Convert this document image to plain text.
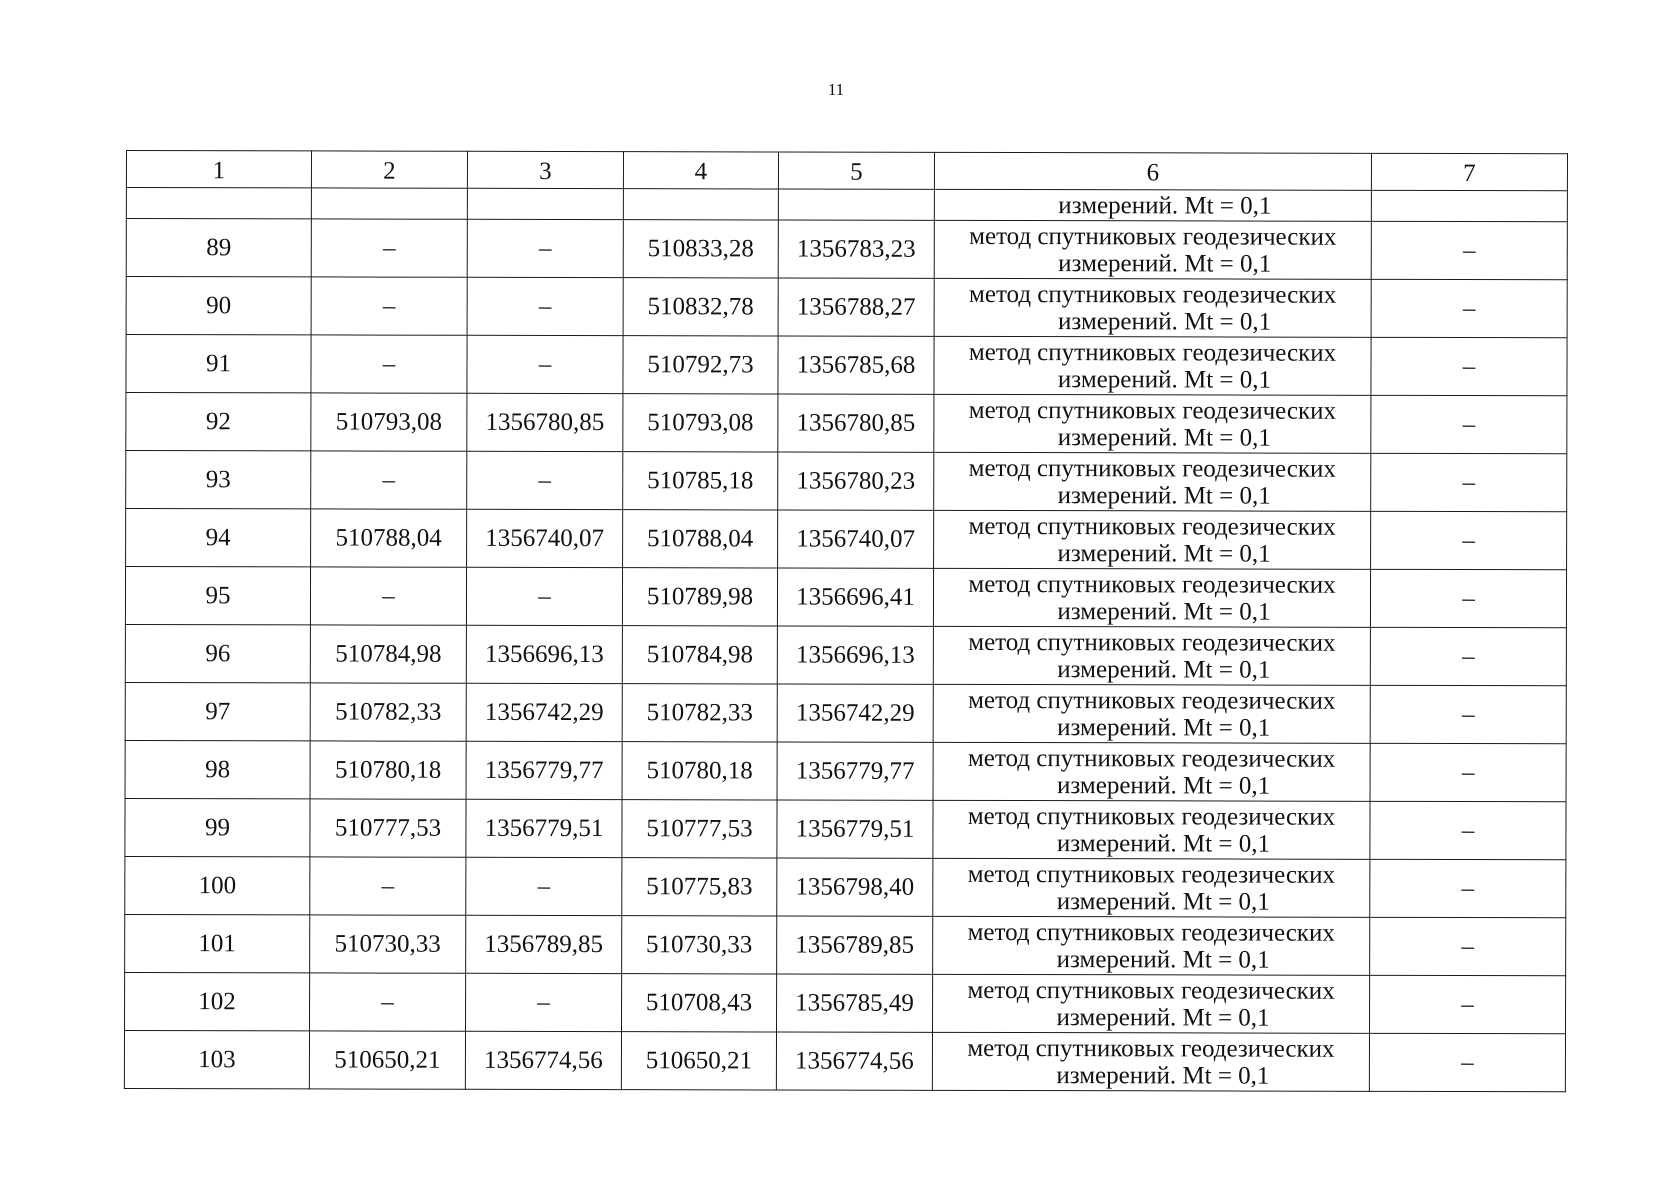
11
1	2	3	4	5	6	7

					измерений. Mt = 0,1	

89	–	–	510833,28	1356783,23	метод спутниковых геодезических
измерений. Mt = 0,1	–
90	–	–	510832,78	1356788,27	метод спутниковых геодезических
измерений. Mt = 0,1	–
91	–	–	510792,73	1356785,68	метод спутниковых геодезических
измерений. Mt = 0,1	–
92	510793,08	1356780,85	510793,08	1356780,85	метод спутниковых геодезических
измерений. Mt = 0,1	–
93	–	–	510785,18	1356780,23	метод спутниковых геодезических
измерений. Mt = 0,1	–
94	510788,04	1356740,07	510788,04	1356740,07	метод спутниковых геодезических
измерений. Mt = 0,1	–
95	–	–	510789,98	1356696,41	метод спутниковых геодезических
измерений. Mt = 0,1	–
96	510784,98	1356696,13	510784,98	1356696,13	метод спутниковых геодезических
измерений. Mt = 0,1	–
97	510782,33	1356742,29	510782,33	1356742,29	метод спутниковых геодезических
измерений. Mt = 0,1	–
98	510780,18	1356779,77	510780,18	1356779,77	метод спутниковых геодезических
измерений. Mt = 0,1	–
99	510777,53	1356779,51	510777,53	1356779,51	метод спутниковых геодезических
измерений. Mt = 0,1	–
100	–	–	510775,83	1356798,40	метод спутниковых геодезических
измерений. Mt = 0,1	–
101	510730,33	1356789,85	510730,33	1356789,85	метод спутниковых геодезических
измерений. Mt = 0,1	–
102	–	–	510708,43	1356785,49	метод спутниковых геодезических
измерений. Mt = 0,1	–
103	510650,21	1356774,56	510650,21	1356774,56	метод спутниковых геодезических
измерений. Mt = 0,1	–
